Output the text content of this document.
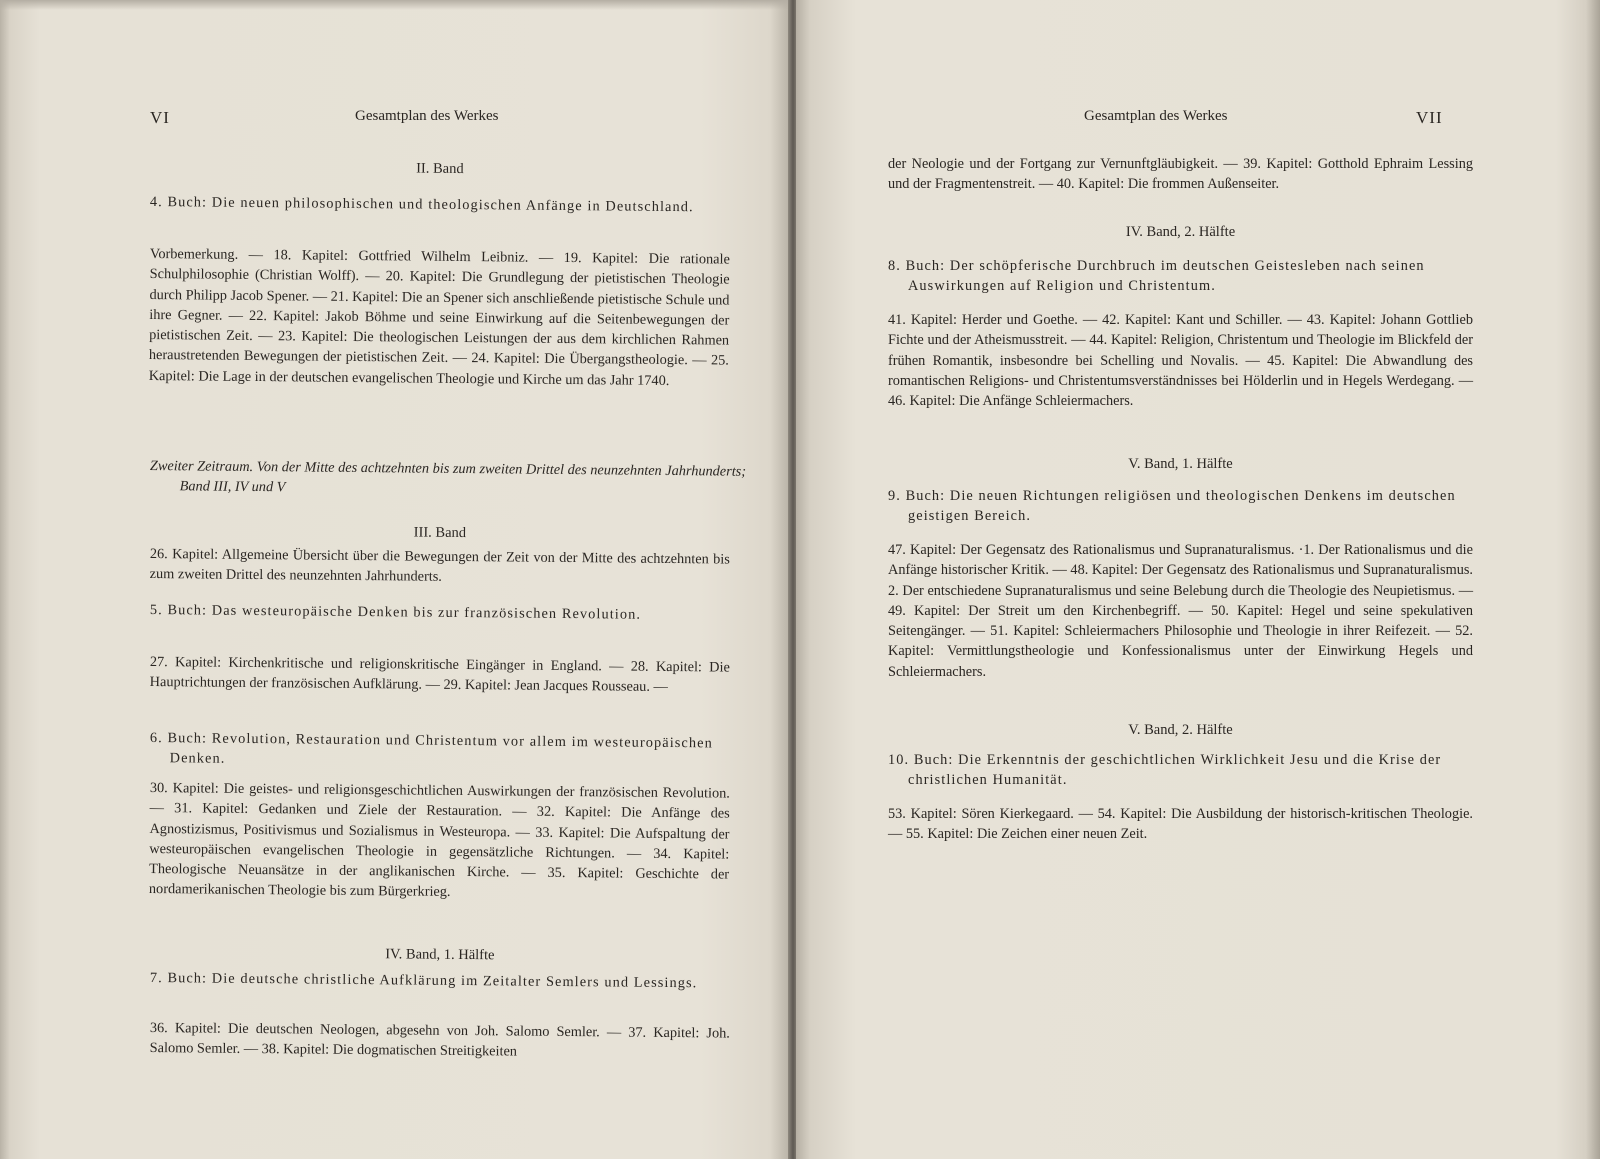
VI	Gesamtplan des Werkes

II. Band

4. Buch: Die neuen philosophischen und theologischen Anfänge in Deutschland.

Vorbemerkung. — 18. Kapitel: Gottfried Wilhelm Leibniz. — 19. Kapitel: Die rationale Schulphilosophie (Christian Wolff). — 20. Kapitel: Die Grundlegung der pietistischen Theologie durch Philipp Jacob Spener. — 21. Kapitel: Die an Spener sich anschließende pietistische Schule und ihre Gegner. — 22. Kapitel: Jakob Böhme und seine Einwirkung auf die Seitenbewegungen der pietistischen Zeit. — 23. Kapitel: Die theologischen Leistungen der aus dem kirchlichen Rahmen heraustretenden Bewegungen der pietistischen Zeit. — 24. Kapitel: Die Übergangstheologie. — 25. Kapitel: Die Lage in der deutschen evangelischen Theologie und Kirche um das Jahr 1740.

Zweiter Zeitraum. Von der Mitte des achtzehnten bis zum zweiten Drittel des neunzehnten Jahrhunderts; Band III, IV und V

III. Band

26. Kapitel: Allgemeine Übersicht über die Bewegungen der Zeit von der Mitte des achtzehnten bis zum zweiten Drittel des neunzehnten Jahrhunderts.

5. Buch: Das westeuropäische Denken bis zur französischen Revolution.

27. Kapitel: Kirchenkritische und religionskritische Eingänger in England. — 28. Kapitel: Die Hauptrichtungen der französischen Aufklärung. — 29. Kapitel: Jean Jacques Rousseau. —

6. Buch: Revolution, Restauration und Christentum vor allem im westeuropäischen Denken.

30. Kapitel: Die geistes- und religionsgeschichtlichen Auswirkungen der französischen Revolution. — 31. Kapitel: Gedanken und Ziele der Restauration. — 32. Kapitel: Die Anfänge des Agnostizismus, Positivismus und Sozialismus in Westeuropa. — 33. Kapitel: Die Aufspaltung der westeuropäischen evangelischen Theologie in gegensätzliche Richtungen. — 34. Kapitel: Theologische Neuansätze in der anglikanischen Kirche. — 35. Kapitel: Geschichte der nordamerikanischen Theologie bis zum Bürgerkrieg.

IV. Band, 1. Hälfte

7. Buch: Die deutsche christliche Aufklärung im Zeitalter Semlers und Lessings.

36. Kapitel: Die deutschen Neologen, abgesehn von Joh. Salomo Semler. — 37. Kapitel: Joh. Salomo Semler. — 38. Kapitel: Die dogmatischen Streitigkeiten

Gesamtplan des Werkes	VII

der Neologie und der Fortgang zur Vernunftgläubigkeit. — 39. Kapitel: Gotthold Ephraim Lessing und der Fragmentenstreit. — 40. Kapitel: Die frommen Außenseiter.

IV. Band, 2. Hälfte

8. Buch: Der schöpferische Durchbruch im deutschen Geistesleben nach seinen Auswirkungen auf Religion und Christentum.

41. Kapitel: Herder und Goethe. — 42. Kapitel: Kant und Schiller. — 43. Kapitel: Johann Gottlieb Fichte und der Atheismusstreit. — 44. Kapitel: Religion, Christentum und Theologie im Blickfeld der frühen Romantik, insbesondre bei Schelling und Novalis. — 45. Kapitel: Die Abwandlung des romantischen Religions- und Christentumsverständnisses bei Hölderlin und in Hegels Werdegang. — 46. Kapitel: Die Anfänge Schleiermachers.

V. Band, 1. Hälfte

9. Buch: Die neuen Richtungen religiösen und theologischen Denkens im deutschen geistigen Bereich.

47. Kapitel: Der Gegensatz des Rationalismus und Supranaturalismus. ·1. Der Rationalismus und die Anfänge historischer Kritik. — 48. Kapitel: Der Gegensatz des Rationalismus und Supranaturalismus. 2. Der entschiedene Supranaturalismus und seine Belebung durch die Theologie des Neupietismus. — 49. Kapitel: Der Streit um den Kirchenbegriff. — 50. Kapitel: Hegel und seine spekulativen Seitengänger. — 51. Kapitel: Schleiermachers Philosophie und Theologie in ihrer Reifezeit. — 52. Kapitel: Vermittlungstheologie und Konfessionalismus unter der Einwirkung Hegels und Schleiermachers.

V. Band, 2. Hälfte

10. Buch: Die Erkenntnis der geschichtlichen Wirklichkeit Jesu und die Krise der christlichen Humanität.

53. Kapitel: Sören Kierkegaard. — 54. Kapitel: Die Ausbildung der historisch-kritischen Theologie. — 55. Kapitel: Die Zeichen einer neuen Zeit.
